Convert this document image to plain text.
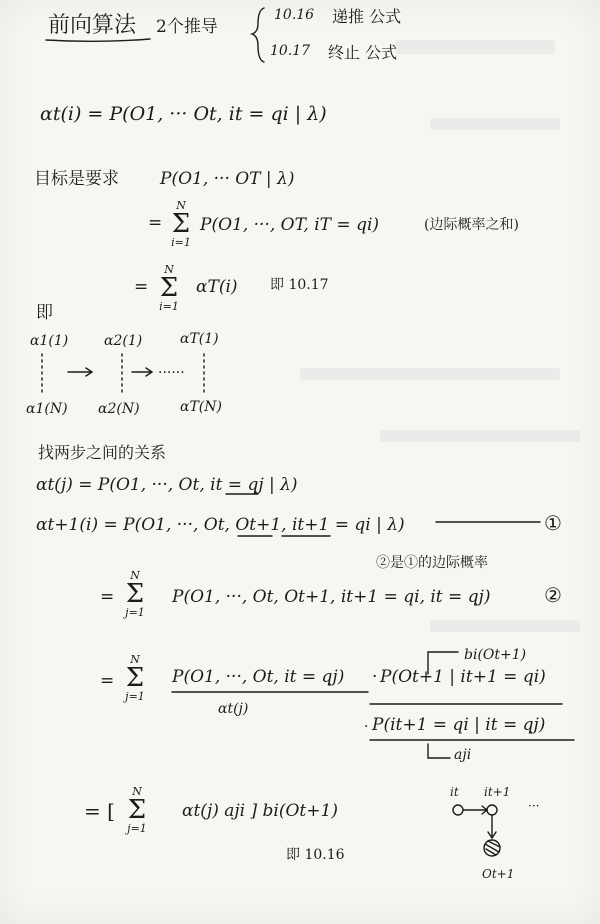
前向算法 2个推导
10.16 递推 公式
10.17 终止 公式
αt(i) = P(O1, ··· Ot, it = qi | λ)
目标是要求 P(O1, ··· OT | λ)
=
N
Σ
i=1
P(O1, ···, OT, iT = qi)	(边际概率之和)
=
N
Σ
i=1
αT(i) 即 10.17
即
α1(1)	α2(1)	αT(1)
α1(N) α2(N)	αT(N)
······
找两步之间的关系
αt(j) = P(O1, ···, Ot, it = qj | λ)
αt+1(i) = P(O1, ···, Ot, Ot+1, it+1 = qi | λ)	①
②是①的边际概率
=
N
Σ
j=1
P(O1, ···, Ot, Ot+1, it+1 = qi, it = qj)	②
bi(Ot+1)
=
N
Σ
j=1
P(O1, ···, Ot, it = qj) · P(Ot+1 | it+1 = qi)
· P(it+1 = qi | it = qj)
αt(j)
aji
= [
N
Σ
j=1
αt(j) aji ] bi(Ot+1)
即 10.16
it it+1
···
Ot+1
